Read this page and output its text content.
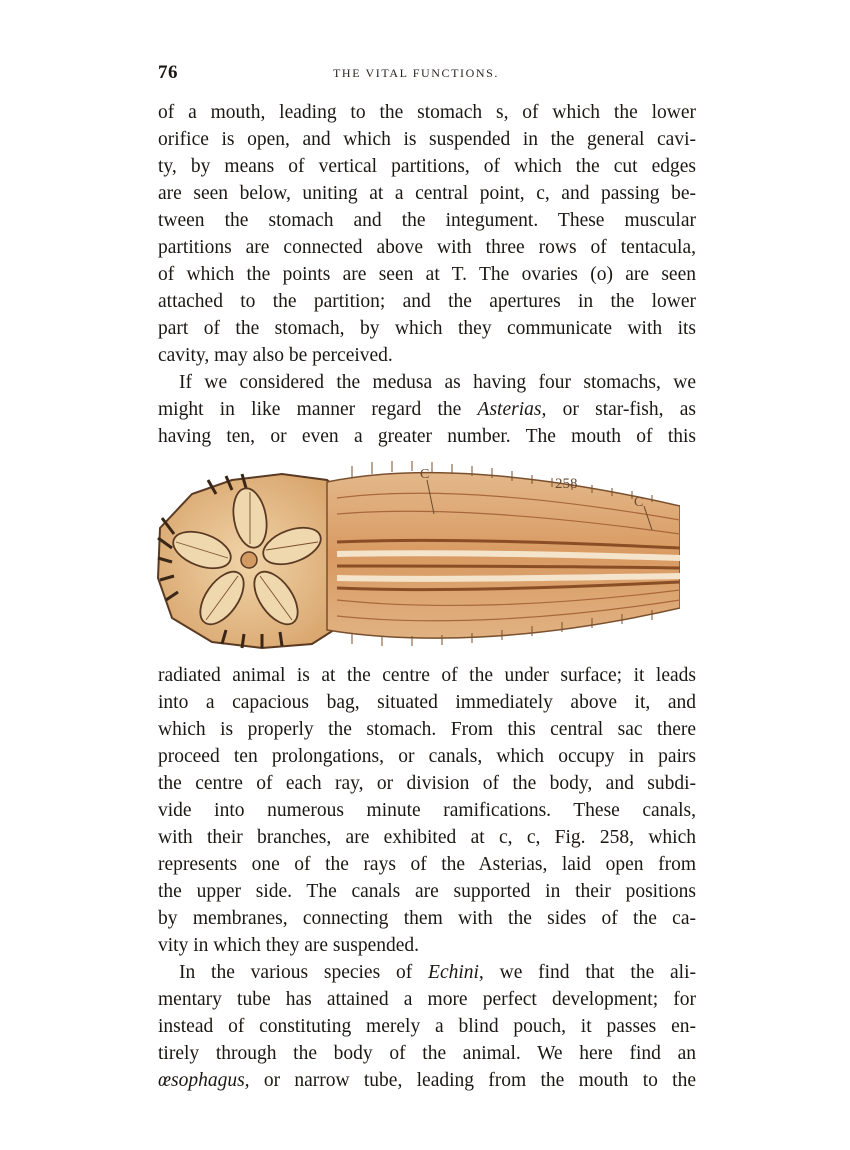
76	THE VITAL FUNCTIONS.
of a mouth, leading to the stomach s, of which the lower
orifice is open, and which is suspended in the general cavi-
ty, by means of vertical partitions, of which the cut edges
are seen below, uniting at a central point, c, and passing be-
tween the stomach and the integument. These muscular
partitions are connected above with three rows of tentacula,
of which the points are seen at T. The ovaries (o) are seen
attached to the partition; and the apertures in the lower
part of the stomach, by which they communicate with its
cavity, may also be perceived.
If we considered the medusa as having four stomachs, we
might in like manner regard the Asterias, or star-fish, as
having ten, or even a greater number. The mouth of this
C
258
C
radiated animal is at the centre of the under surface; it leads
into a capacious bag, situated immediately above it, and
which is properly the stomach. From this central sac there
proceed ten prolongations, or canals, which occupy in pairs
the centre of each ray, or division of the body, and subdi-
vide into numerous minute ramifications. These canals,
with their branches, are exhibited at c, c, Fig. 258, which
represents one of the rays of the Asterias, laid open from
the upper side. The canals are supported in their positions
by membranes, connecting them with the sides of the ca-
vity in which they are suspended.
In the various species of Echini, we find that the ali-
mentary tube has attained a more perfect development; for
instead of constituting merely a blind pouch, it passes en-
tirely through the body of the animal. We here find an
œsophagus, or narrow tube, leading from the mouth to the
